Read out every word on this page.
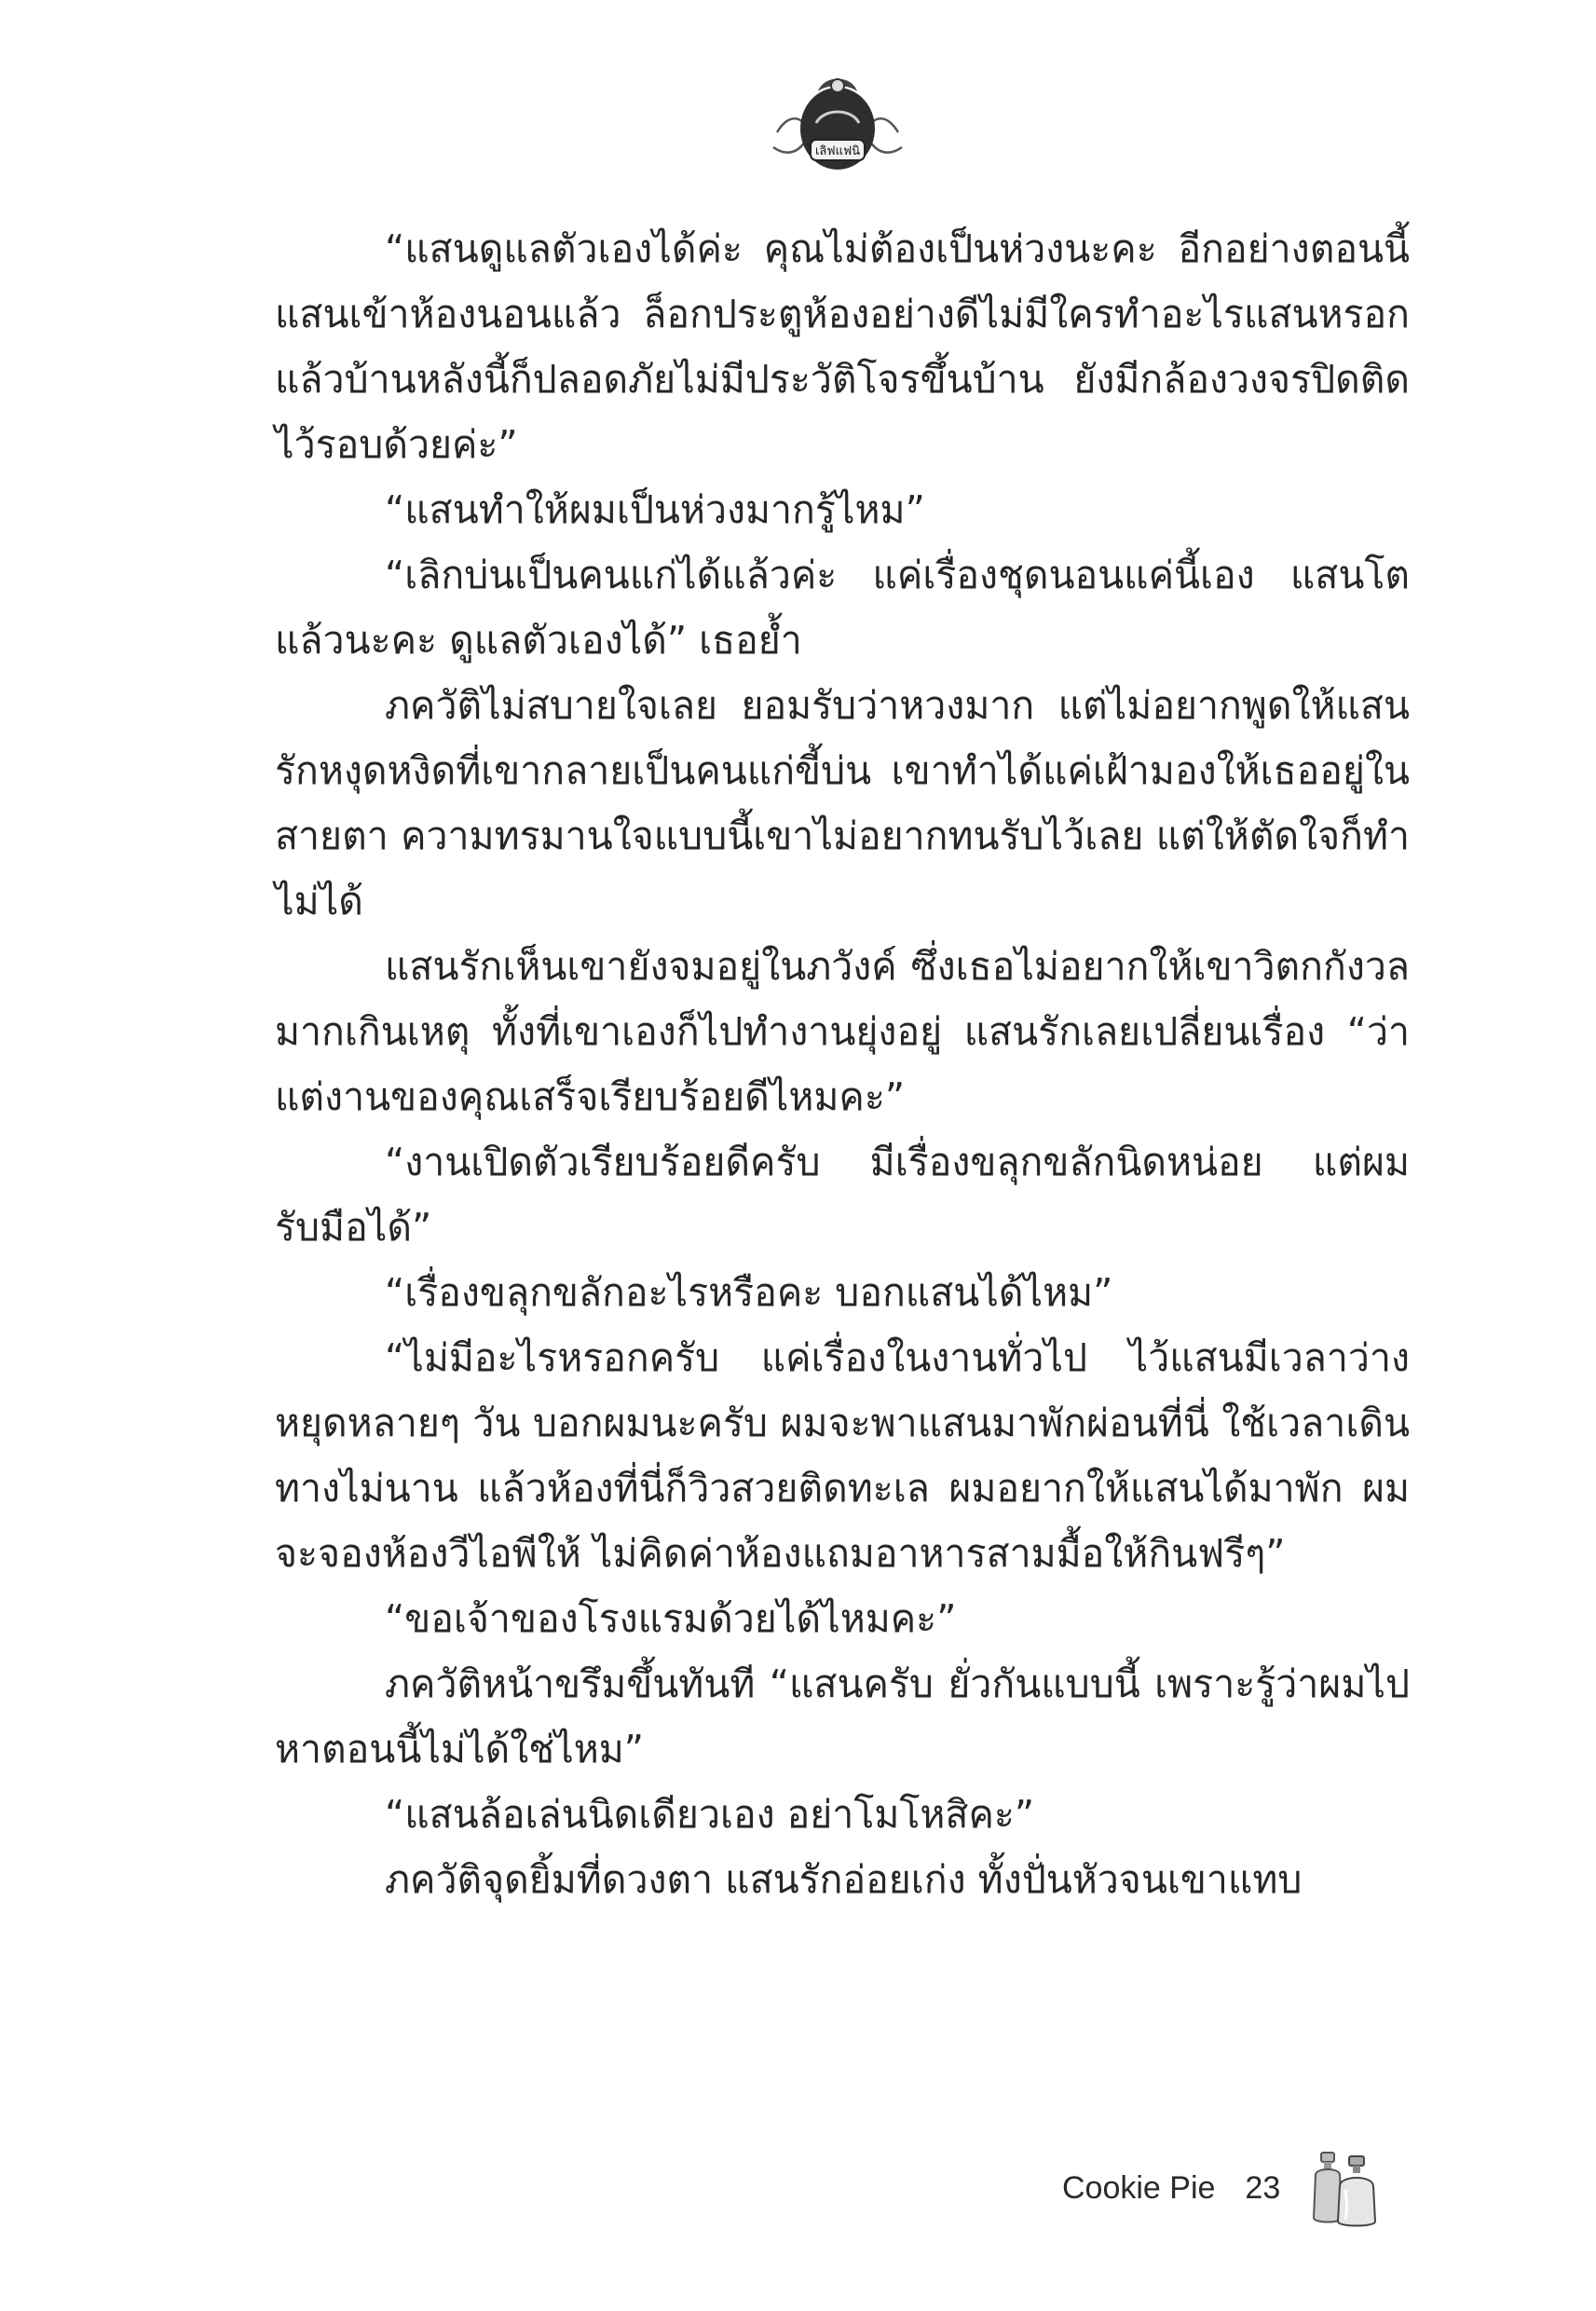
เลิฟแฟนิ

“แสนดูแลตัวเองได้ค่ะ คุณไม่ต้องเป็นห่วงนะคะ อีกอย่างตอนนี้แสนเข้าห้องนอนแล้ว ล็อกประตูห้องอย่างดีไม่มีใครทำอะไรแสนหรอก แล้วบ้านหลังนี้ก็ปลอดภัยไม่มีประวัติโจรขึ้นบ้าน ยังมีกล้องวงจรปิดติดไว้รอบด้วยค่ะ”

“แสนทำให้ผมเป็นห่วงมากรู้ไหม”

“เลิกบ่นเป็นคนแก่ได้แล้วค่ะ แค่เรื่องชุดนอนแค่นี้เอง แสนโตแล้วนะคะ ดูแลตัวเองได้” เธอย้ำ

ภควัติไม่สบายใจเลย ยอมรับว่าหวงมาก แต่ไม่อยากพูดให้แสนรักหงุดหงิดที่เขากลายเป็นคนแก่ขี้บ่น เขาทำได้แค่เฝ้ามองให้เธออยู่ในสายตา ความทรมานใจแบบนี้เขาไม่อยากทนรับไว้เลย แต่ให้ตัดใจก็ทำไม่ได้

แสนรักเห็นเขายังจมอยู่ในภวังค์ ซึ่งเธอไม่อยากให้เขาวิตกกังวลมากเกินเหตุ ทั้งที่เขาเองก็ไปทำงานยุ่งอยู่ แสนรักเลยเปลี่ยนเรื่อง “ว่าแต่งานของคุณเสร็จเรียบร้อยดีไหมคะ”

“งานเปิดตัวเรียบร้อยดีครับ มีเรื่องขลุกขลักนิดหน่อย แต่ผมรับมือได้”

“เรื่องขลุกขลักอะไรหรือคะ บอกแสนได้ไหม”

“ไม่มีอะไรหรอกครับ แค่เรื่องในงานทั่วไป ไว้แสนมีเวลาว่างหยุดหลายๆ วัน บอกผมนะครับ ผมจะพาแสนมาพักผ่อนที่นี่ ใช้เวลาเดินทางไม่นาน แล้วห้องที่นี่ก็วิวสวยติดทะเล ผมอยากให้แสนได้มาพัก ผมจะจองห้องวีไอพีให้ ไม่คิดค่าห้องแถมอาหารสามมื้อให้กินฟรีๆ”

“ขอเจ้าของโรงแรมด้วยได้ไหมคะ”

ภควัติหน้าขรึมขึ้นทันที “แสนครับ ยั่วกันแบบนี้ เพราะรู้ว่าผมไปหาตอนนี้ไม่ได้ใช่ไหม”

“แสนล้อเล่นนิดเดียวเอง อย่าโมโหสิคะ”

ภควัติจุดยิ้มที่ดวงตา แสนรักอ่อยเก่ง ทั้งปั่นหัวจนเขาแทบ

Cookie Pie 23
